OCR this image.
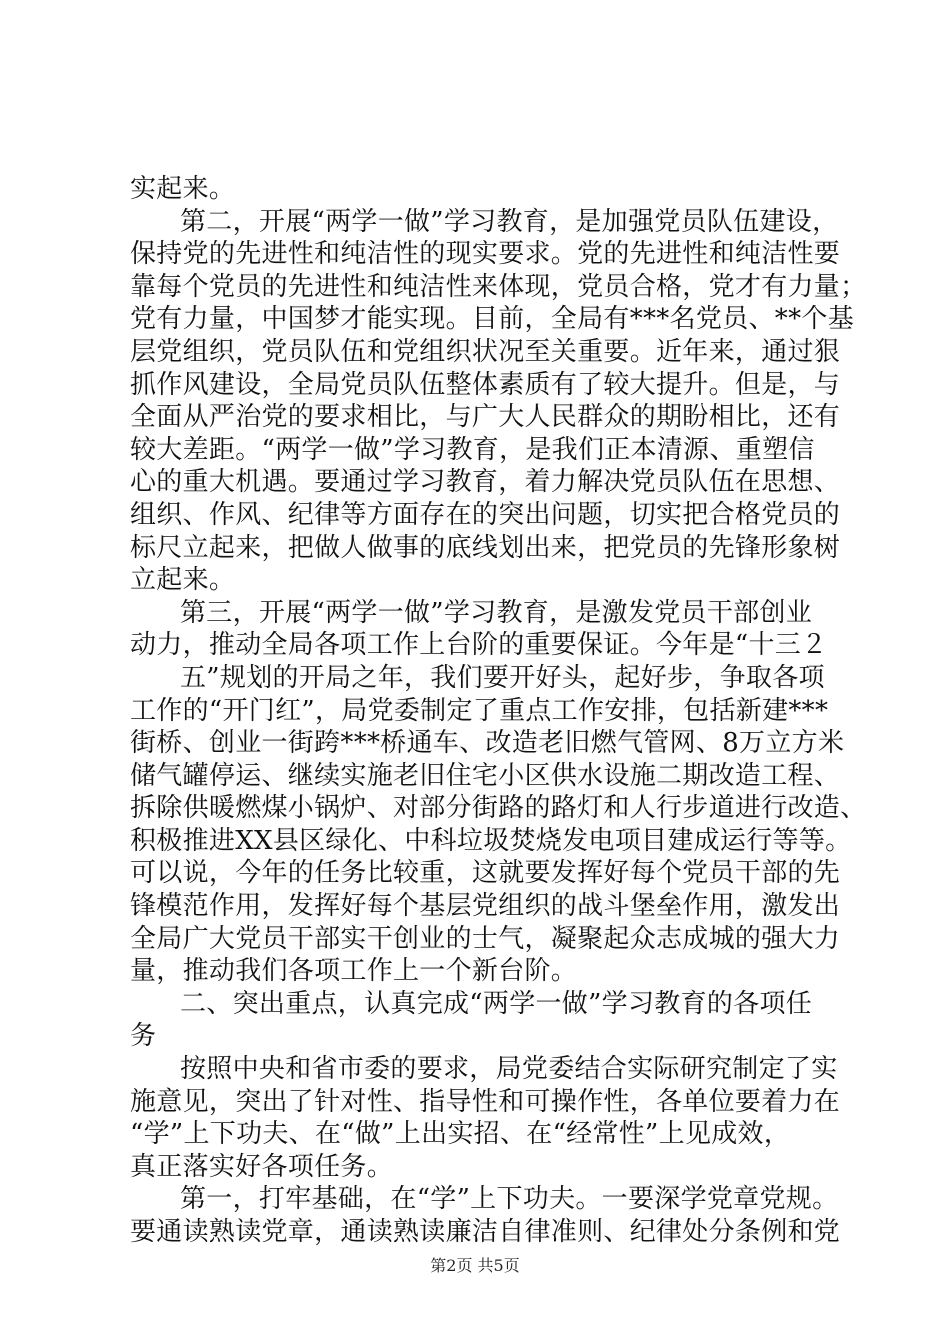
实起来。
第二，开展“两学一做”学习教育，是加强党员队伍建设，
保持党的先进性和纯洁性的现实要求。党的先进性和纯洁性要
靠每个党员的先进性和纯洁性来体现，党员合格，党才有力量；
党有力量，中国梦才能实现。目前，全局有***名党员、**个基
层党组织，党员队伍和党组织状况至关重要。近年来，通过狠
抓作风建设，全局党员队伍整体素质有了较大提升。但是，与
全面从严治党的要求相比，与广大人民群众的期盼相比，还有
较大差距。“两学一做”学习教育，是我们正本清源、重塑信
心的重大机遇。要通过学习教育，着力解决党员队伍在思想、
组织、作风、纪律等方面存在的突出问题，切实把合格党员的
标尺立起来，把做人做事的底线划出来，把党员的先锋形象树
立起来。
第三，开展“两学一做”学习教育，是激发党员干部创业
动力，推动全局各项工作上台阶的重要保证。今年是“十三２
五”规划的开局之年，我们要开好头，起好步，争取各项
工作的“开门红”，局党委制定了重点工作安排，包括新建***
街桥、创业一街跨***桥通车、改造老旧燃气管网、8万立方米
储气罐停运、继续实施老旧住宅小区供水设施二期改造工程、
拆除供暖燃煤小锅炉、对部分街路的路灯和人行步道进行改造、
积极推进XX县区绿化、中科垃圾焚烧发电项目建成运行等等。
可以说，今年的任务比较重，这就要发挥好每个党员干部的先
锋模范作用，发挥好每个基层党组织的战斗堡垒作用，激发出
全局广大党员干部实干创业的士气，凝聚起众志成城的强大力
量，推动我们各项工作上一个新台阶。
二、突出重点，认真完成“两学一做”学习教育的各项任
务
按照中央和省市委的要求，局党委结合实际研究制定了实
施意见，突出了针对性、指导性和可操作性，各单位要着力在
“学”上下功夫、在“做”上出实招、在“经常性”上见成效，
真正落实好各项任务。
第一，打牢基础，在“学”上下功夫。一要深学党章党规。
要通读熟读党章，通读熟读廉洁自律准则、纪律处分条例和党
第2页 共5页
